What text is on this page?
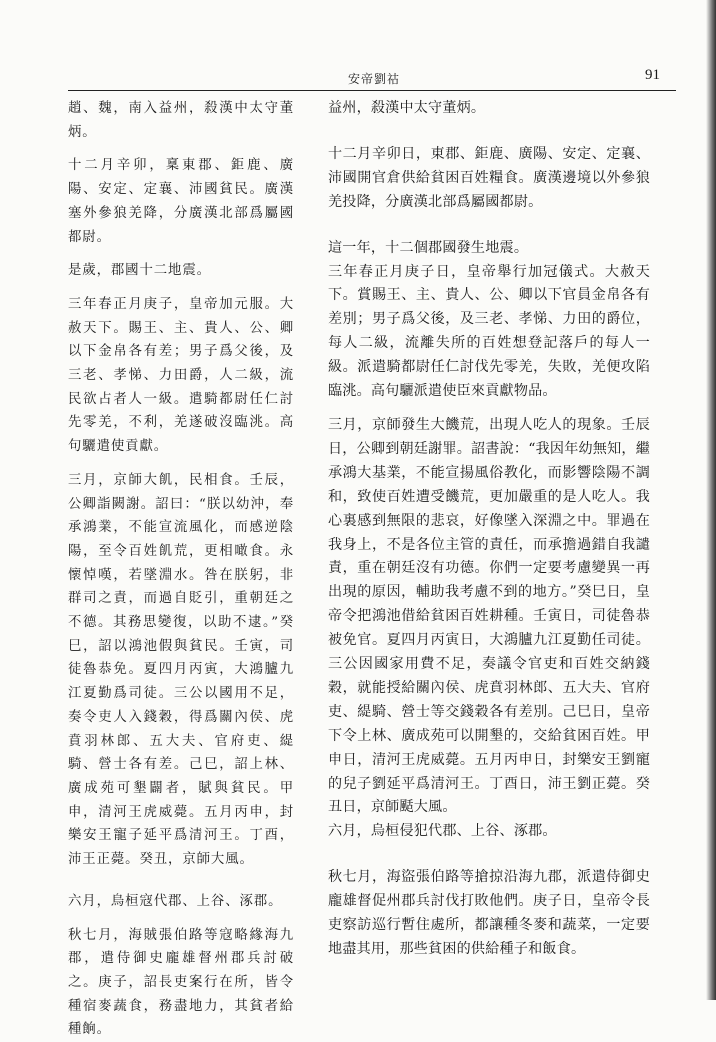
安帝劉祜	91

趙、魏，南入益州，殺漢中太守董炳。

十二月辛卯，稟東郡、鉅鹿、廣陽、安定、定襄、沛國貧民。廣漢塞外參狼羌降，分廣漢北部爲屬國都尉。

是歲，郡國十二地震。

三年春正月庚子，皇帝加元服。大赦天下。賜王、主、貴人、公、卿以下金帛各有差；男子爲父後，及三老、孝悌、力田爵，人二級，流民欲占者人一級。遣騎都尉任仁討先零羌，不利，羌遂破沒臨洮。高句驪遣使貢獻。

三月，京師大飢，民相食。壬辰，公卿詣闕謝。詔曰：“朕以幼沖，奉承鴻業，不能宣流風化，而感逆陰陽，至令百姓飢荒，更相噉食。永懷悼嘆，若墜淵水。咎在朕躬，非群司之責，而過自貶引，重朝廷之不德。其務思變復，以助不逮。”癸巳，詔以鴻池假與貧民。壬寅，司徒魯恭免。夏四月丙寅，大鴻臚九江夏勤爲司徒。三公以國用不足，奏令吏人入錢穀，得爲關內侯、虎賁羽林郎、五大夫、官府吏、緹騎、營士各有差。己巳，詔上林、廣成苑可墾闢者，賦與貧民。甲申，清河王虎威薨。五月丙申，封樂安王寵子延平爲清河王。丁酉，沛王正薨。癸丑，京師大風。

六月，烏桓寇代郡、上谷、涿郡。

秋七月，海賊張伯路等寇略緣海九郡，遣侍御史龐雄督州郡兵討破之。庚子，詔長吏案行在所，皆令種宿麥蔬食，務盡地力，其貧者給種餉。

益州，殺漢中太守董炳。

十二月辛卯日，東郡、鉅鹿、廣陽、安定、定襄、沛國開官倉供給貧困百姓糧食。廣漢邊境以外參狼羌投降，分廣漢北部爲屬國都尉。

這一年，十二個郡國發生地震。

三年春正月庚子日，皇帝舉行加冠儀式。大赦天下。賞賜王、主、貴人、公、卿以下官員金帛各有差別；男子爲父後，及三老、孝悌、力田的爵位，每人二級，流離失所的百姓想登記落戶的每人一級。派遣騎都尉任仁討伐先零羌，失敗，羌便攻陷臨洮。高句驪派遣使臣來貢獻物品。

三月，京師發生大饑荒，出現人吃人的現象。壬辰日，公卿到朝廷謝罪。詔書說：“我因年幼無知，繼承鴻大基業，不能宣揚風俗教化，而影響陰陽不調和，致使百姓遭受饑荒，更加嚴重的是人吃人。我心裏感到無限的悲哀，好像墜入深淵之中。罪過在我身上，不是各位主管的責任，而承擔過錯自我譴責，重在朝廷沒有功德。你們一定要考慮變異一再出現的原因，輔助我考慮不到的地方。”癸巳日，皇帝令把鴻池借給貧困百姓耕種。壬寅日，司徒魯恭被免官。夏四月丙寅日，大鴻臚九江夏勤任司徒。三公因國家用費不足，奏議令官吏和百姓交納錢穀，就能授給關內侯、虎賁羽林郎、五大夫、官府吏、緹騎、營士等交錢穀各有差別。己巳日，皇帝下令上林、廣成苑可以開墾的，交給貧困百姓。甲申日，清河王虎威薨。五月丙申日，封樂安王劉寵的兒子劉延平爲清河王。丁酉日，沛王劉正薨。癸丑日，京師颳大風。

六月，烏桓侵犯代郡、上谷、涿郡。

秋七月，海盜張伯路等搶掠沿海九郡，派遣侍御史龐雄督促州郡兵討伐打敗他們。庚子日，皇帝令長吏察訪巡行暫住處所，都讓種冬麥和蔬菜，一定要地盡其用，那些貧困的供給種子和飯食。
